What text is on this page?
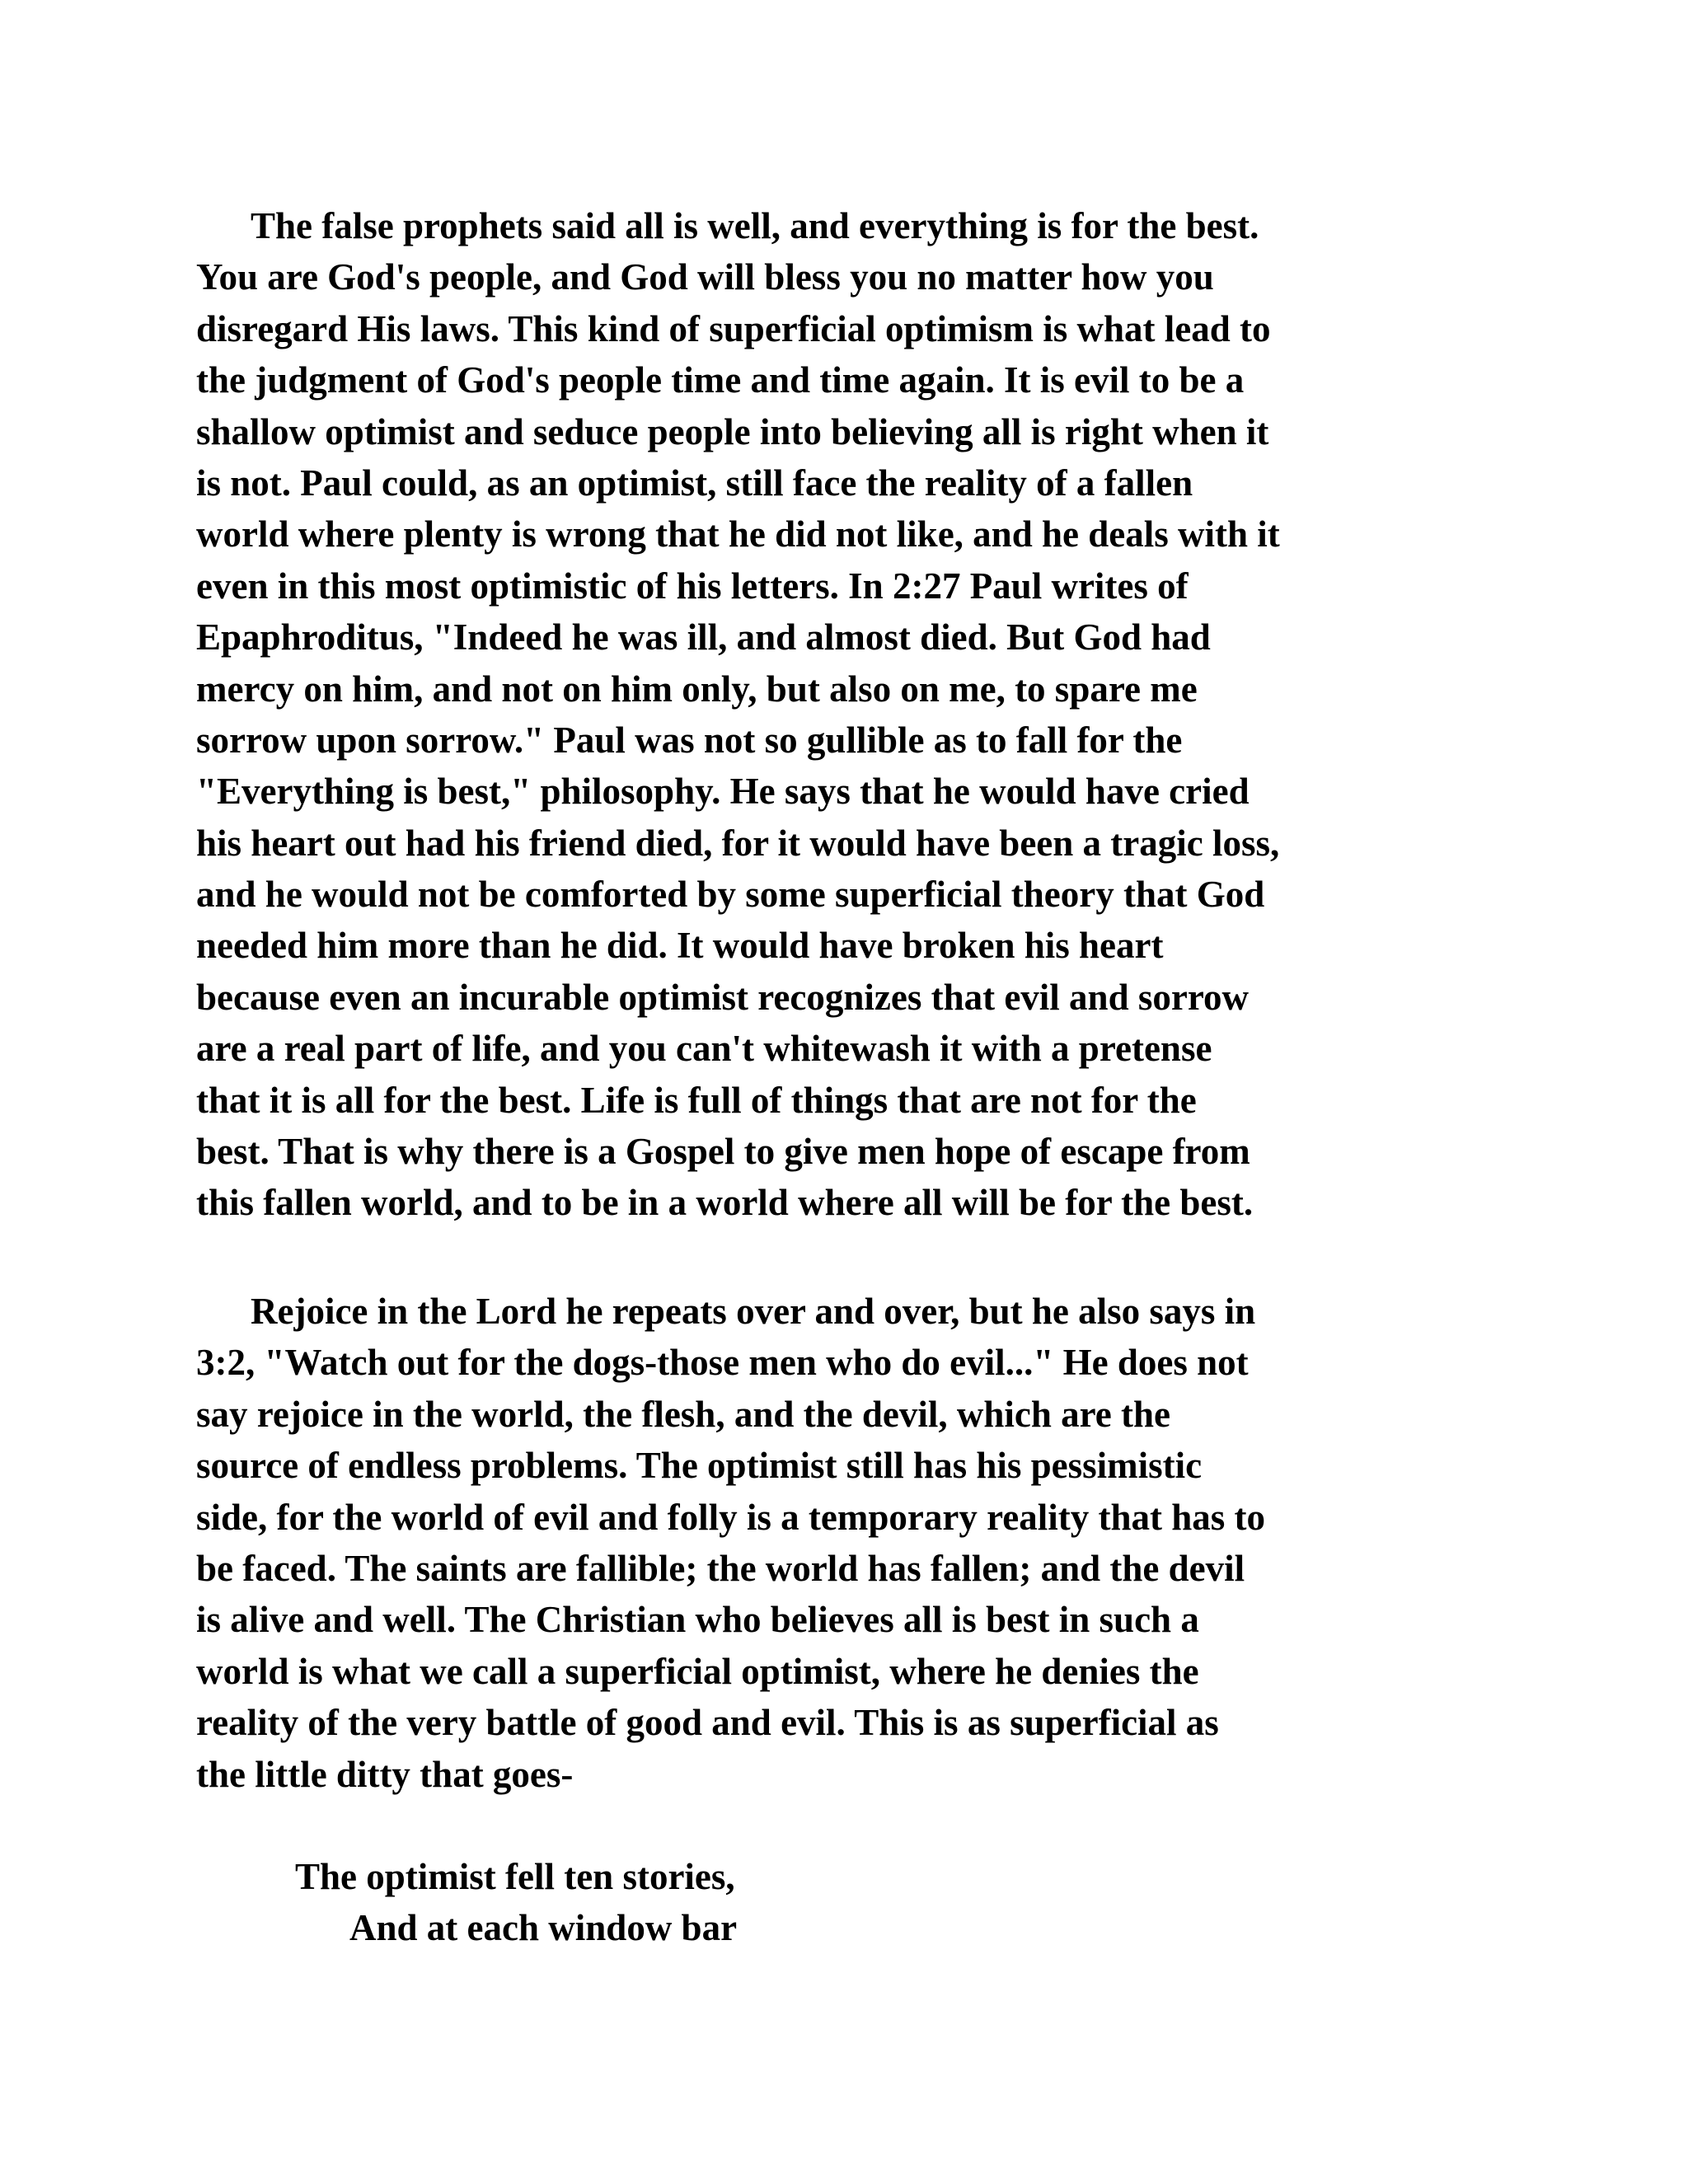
The false prophets said all is well, and everything is for the best.
You are God's people, and God will bless you no matter how you
disregard His laws. This kind of superficial optimism is what lead to
the judgment of God's people time and time again. It is evil to be a
shallow optimist and seduce people into believing all is right when it
is not. Paul could, as an optimist, still face the reality of a fallen
world where plenty is wrong that he did not like, and he deals with it
even in this most optimistic of his letters. In 2:27 Paul writes of
Epaphroditus, "Indeed he was ill, and almost died. But God had
mercy on him, and not on him only, but also on me, to spare me
sorrow upon sorrow." Paul was not so gullible as to fall for the
"Everything is best," philosophy. He says that he would have cried
his heart out had his friend died, for it would have been a tragic loss,
and he would not be comforted by some superficial theory that God
needed him more than he did. It would have broken his heart
because even an incurable optimist recognizes that evil and sorrow
are a real part of life, and you can't whitewash it with a pretense
that it is all for the best. Life is full of things that are not for the
best. That is why there is a Gospel to give men hope of escape from
this fallen world, and to be in a world where all will be for the best.
Rejoice in the Lord he repeats over and over, but he also says in
3:2, "Watch out for the dogs-those men who do evil..." He does not
say rejoice in the world, the flesh, and the devil, which are the
source of endless problems. The optimist still has his pessimistic
side, for the world of evil and folly is a temporary reality that has to
be faced. The saints are fallible; the world has fallen; and the devil
is alive and well. The Christian who believes all is best in such a
world is what we call a superficial optimist, where he denies the
reality of the very battle of good and evil. This is as superficial as
the little ditty that goes-
The optimist fell ten stories,
And at each window bar
